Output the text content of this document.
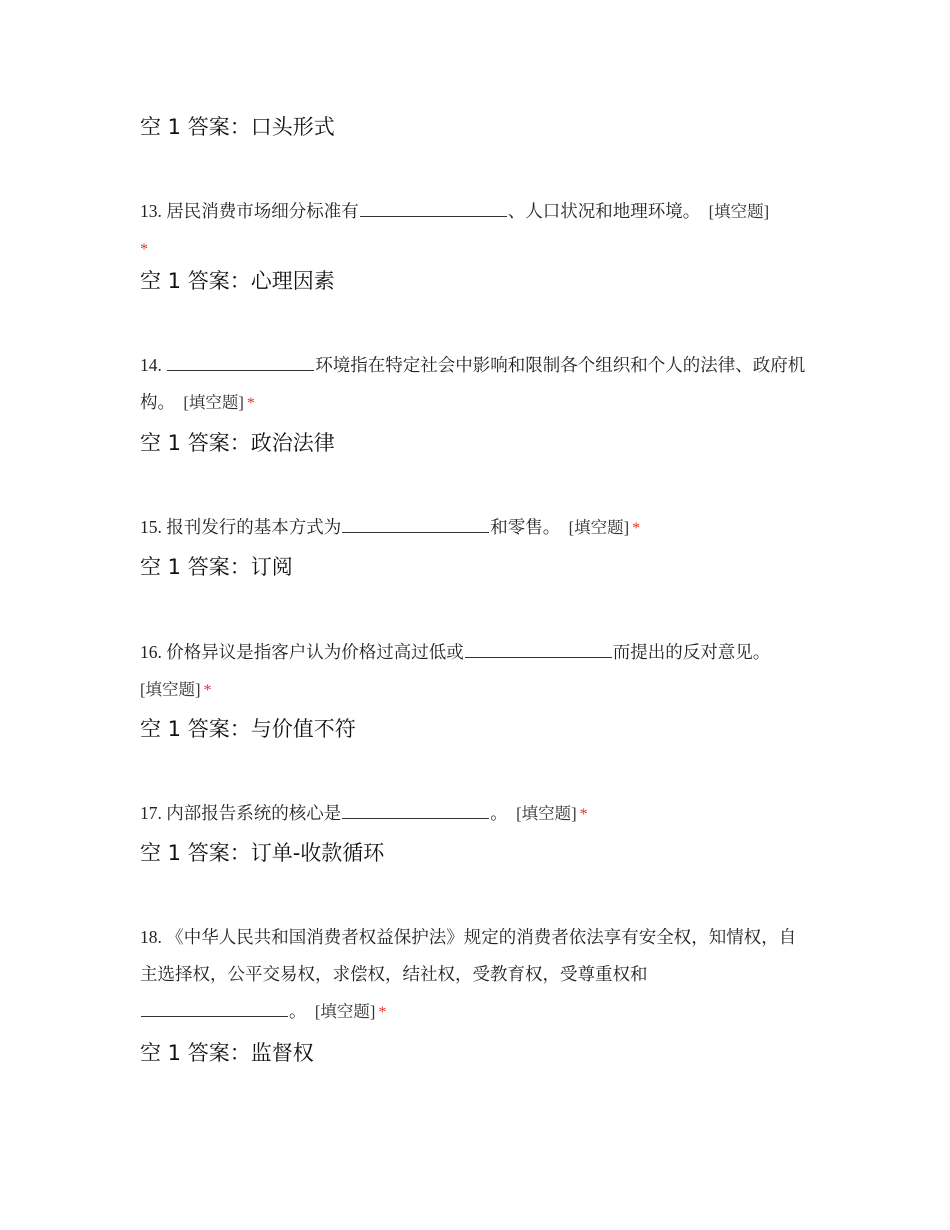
空 1 答案：口头形式
13. 居民消费市场细分标准有	、人口状况和地理环境。 [填空题]
*
空 1 答案：心理因素
14.	环境指在特定社会中影响和限制各个组织和个人的法律、政府机构。 [填空题] *
空 1 答案：政治法律
15. 报刊发行的基本方式为	和零售。 [填空题] *
空 1 答案：订阅
16. 价格异议是指客户认为价格过高过低或	而提出的反对意见。
[填空题] *
空 1 答案：与价值不符
17. 内部报告系统的核心是	。 [填空题] *
空 1 答案：订单-收款循环
18. 《中华人民共和国消费者权益保护法》规定的消费者依法享有安全权，知情权，自主选择权，公平交易权，求偿权，结社权，受教育权，受尊重权和
。 [填空题] *
空 1 答案：监督权
